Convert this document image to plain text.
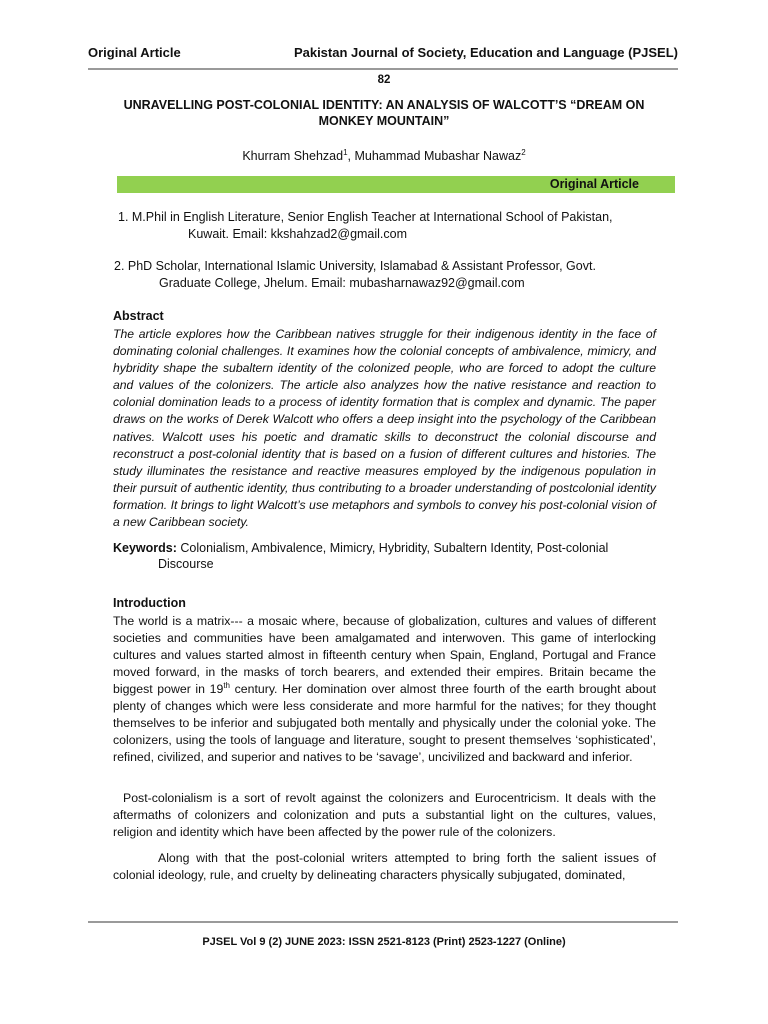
Original Article	Pakistan Journal of Society, Education and Language (PJSEL)
82
UNRAVELLING POST-COLONIAL IDENTITY: AN ANALYSIS OF WALCOTT’S “DREAM ON MONKEY MOUNTAIN”
Khurram Shehzad$^1$, Muhammad Mubashar Nawaz$^2$
Original Article
1. M.Phil in English Literature, Senior English Teacher at International School of Pakistan,
Kuwait. Email: kkshahzad2@gmail.com
2. PhD Scholar, International Islamic University, Islamabad & Assistant Professor, Govt.
Graduate College, Jhelum. Email: mubasharnawaz92@gmail.com
Abstract
The article explores how the Caribbean natives struggle for their indigenous identity in the face of dominating colonial challenges. It examines how the colonial concepts of ambivalence, mimicry, and hybridity shape the subaltern identity of the colonized people, who are forced to adopt the culture and values of the colonizers. The article also analyzes how the native resistance and reaction to colonial domination leads to a process of identity formation that is complex and dynamic. The paper draws on the works of Derek Walcott who offers a deep insight into the psychology of the Caribbean natives. Walcott uses his poetic and dramatic skills to deconstruct the colonial discourse and reconstruct a post-colonial identity that is based on a fusion of different cultures and histories. The study illuminates the resistance and reactive measures employed by the indigenous population in their pursuit of authentic identity, thus contributing to a broader understanding of postcolonial identity formation. It brings to light Walcott’s use metaphors and symbols to convey his post-colonial vision of a new Caribbean society.
Keywords: Colonialism, Ambivalence, Mimicry, Hybridity, Subaltern Identity, Post-colonial
Discourse
Introduction
The world is a matrix--- a mosaic where, because of globalization, cultures and values of different societies and communities have been amalgamated and interwoven. This game of interlocking cultures and values started almost in fifteenth century when Spain, England, Portugal and France moved forward, in the masks of torch bearers, and extended their empires. Britain became the biggest power in 19th century. Her domination over almost three fourth of the earth brought about plenty of changes which were less considerate and more harmful for the natives; for they thought themselves to be inferior and subjugated both mentally and physically under the colonial yoke. The colonizers, using the tools of language and literature, sought to present themselves ‘sophisticated’, refined, civilized, and superior and natives to be ‘savage’, uncivilized and backward and inferior.
Post-colonialism is a sort of revolt against the colonizers and Eurocentricism. It deals with the aftermaths of colonizers and colonization and puts a substantial light on the cultures, values, religion and identity which have been affected by the power rule of the colonizers.
Along with that the post-colonial writers attempted to bring forth the salient issues of colonial ideology, rule, and cruelty by delineating characters physically subjugated, dominated,
PJSEL Vol 9 (2) JUNE 2023: ISSN 2521-8123 (Print) 2523-1227 (Online)
